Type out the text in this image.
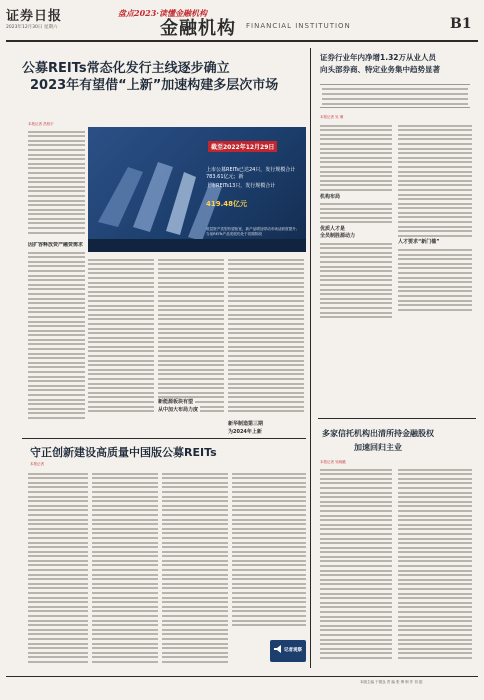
证券日报
2023年12月30日 星期六
盘点2023·读懂金融机构
金融机构 FINANCIAL INSTITUTION	B1
公募REITs常态化发行主线逐步确立
2023年有望借“上新”加速构建多层次市场
本报记者 昌校宇
截至2022年12月29日
上市公募REITs已达24只，发行规模合计783.61亿元；新
上市REITs13只，发行规模合计
419.48亿元
底层资产类型有望拓宽，新产品增加带动市场活跃度提升；当前REITs产品发展仍处于初期阶段
因扩容释放资产融资需求
新能源板块有望
从中加大布局力度
新华制造第三期
为2024年上新
证券行业年内净增1.32万从业人员
向头部券商、特定业务集中趋势显著
本报记者 吴 珊
机构布局
优质人才是
全员制胜源动力
人才要求“新门槛”
多家信托机构出清所持金融股权
加速回归主业
本报记者 吴晓璐
守正创新建设高质量中国版公募REITs
本报记者
记者观察
本版主编 于德良 责 编 张 博 制 作 初 振
